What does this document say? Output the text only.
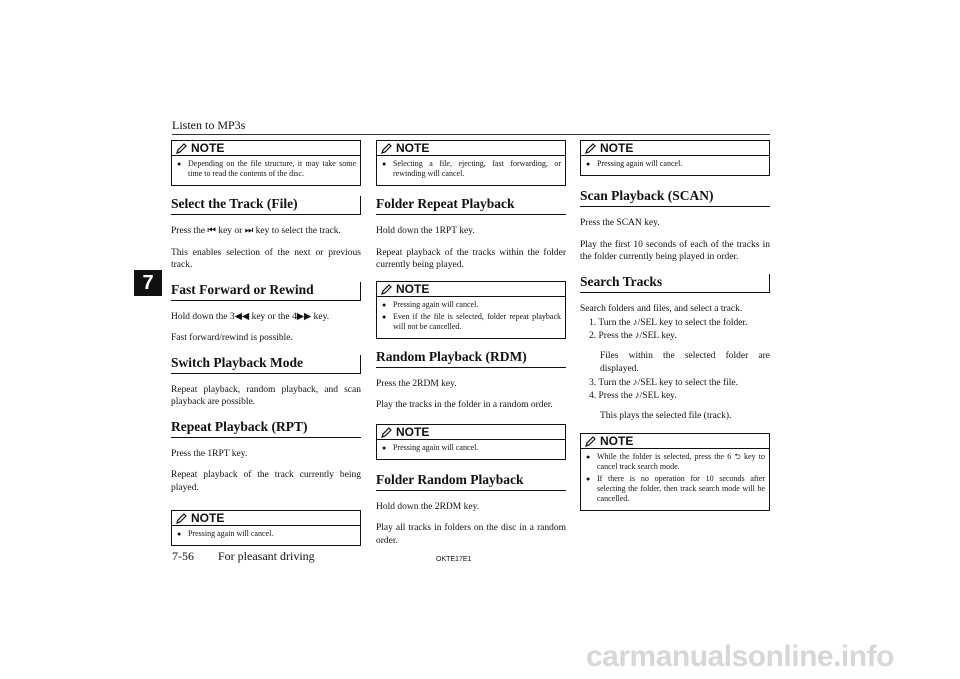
Listen to MP3s
7
NOTE
● Depending on the file structure, it may take some time to read the contents of the disc.
Select the Track (File)

Press the ⏮ key or ⏭ key to select the track.

This enables selection of the next or previous track.

Fast Forward or Rewind

Hold down the 3◀◀ key or the 4▶▶ key.

Fast forward/rewind is possible.

Switch Playback Mode

Repeat playback, random playback, and scan playback are possible.

Repeat Playback (RPT)

Press the 1RPT key.

Repeat playback of the track currently being played.

NOTE
● Pressing again will cancel.
NOTE
● Selecting a file, ejecting, fast forwarding, or rewinding will cancel.
Folder Repeat Playback

Hold down the 1RPT key.

Repeat playback of the tracks within the folder currently being played.

NOTE
● Pressing again will cancel.
● Even if the file is selected, folder repeat playback will not be cancelled.
Random Playback (RDM)

Press the 2RDM key.

Play the tracks in the folder in a random order.

NOTE
● Pressing again will cancel.
Folder Random Playback

Hold down the 2RDM key.

Play all tracks in folders on the disc in a random order.

NOTE
● Pressing again will cancel.
Scan Playback (SCAN)

Press the SCAN key.

Play the first 10 seconds of each of the tracks in the folder currently being played in order.

Search Tracks

Search folders and files, and select a track.

1. Turn the ♪/SEL key to select the folder.
2. Press the ♪/SEL key.
Files within the selected folder are displayed.
3. Turn the ♪/SEL key to select the file.
4. Press the ♪/SEL key.
This plays the selected file (track).
NOTE
● While the folder is selected, press the 6 ⮌ key to cancel track search mode.
● If there is no operation for 10 seconds after selecting the folder, then track search mode will be cancelled.
7-56 For pleasant driving	OKTE17E1
carmanualsonline.info
